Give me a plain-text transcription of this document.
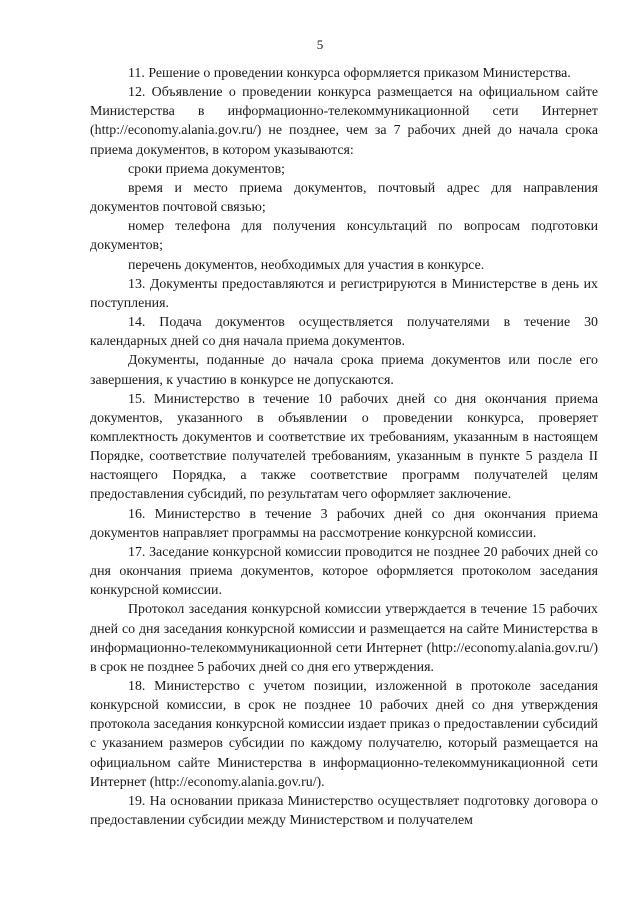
5

11. Решение о проведении конкурса оформляется приказом Министерства.

12. Объявление о проведении конкурса размещается на официальном сайте Министерства в информационно-телекоммуникационной сети Интернет (http://economy.alania.gov.ru/) не позднее, чем за 7 рабочих дней до начала срока приема документов, в котором указываются:

сроки приема документов;

время и место приема документов, почтовый адрес для направления документов почтовой связью;

номер телефона для получения консультаций по вопросам подготовки документов;

перечень документов, необходимых для участия в конкурсе.

13. Документы предоставляются и регистрируются в Министерстве в день их поступления.

14. Подача документов осуществляется получателями в течение 30 календарных дней со дня начала приема документов.

Документы, поданные до начала срока приема документов или после его завершения, к участию в конкурсе не допускаются.

15. Министерство в течение 10 рабочих дней со дня окончания приема документов, указанного в объявлении о проведении конкурса, проверяет комплектность документов и соответствие их требованиям, указанным в настоящем Порядке, соответствие получателей требованиям, указанным в пункте 5 раздела II настоящего Порядка, а также соответствие программ получателей целям предоставления субсидий, по результатам чего оформляет заключение.

16. Министерство в течение 3 рабочих дней со дня окончания приема документов направляет программы на рассмотрение конкурсной комиссии.

17. Заседание конкурсной комиссии проводится не позднее 20 рабочих дней со дня окончания приема документов, которое оформляется протоколом заседания конкурсной комиссии.

Протокол заседания конкурсной комиссии утверждается в течение 15 рабочих дней со дня заседания конкурсной комиссии и размещается на сайте Министерства в информационно-телекоммуникационной сети Интернет (http://economy.alania.gov.ru/) в срок не позднее 5 рабочих дней со дня его утверждения.

18. Министерство с учетом позиции, изложенной в протоколе заседания конкурсной комиссии, в срок не позднее 10 рабочих дней со дня утверждения протокола заседания конкурсной комиссии издает приказ о предоставлении субсидий с указанием размеров субсидии по каждому получателю, который размещается на официальном сайте Министерства в информационно-телекоммуникационной сети Интернет (http://economy.alania.gov.ru/).

19. На основании приказа Министерство осуществляет подготовку договора о предоставлении субсидии между Министерством и получателем
